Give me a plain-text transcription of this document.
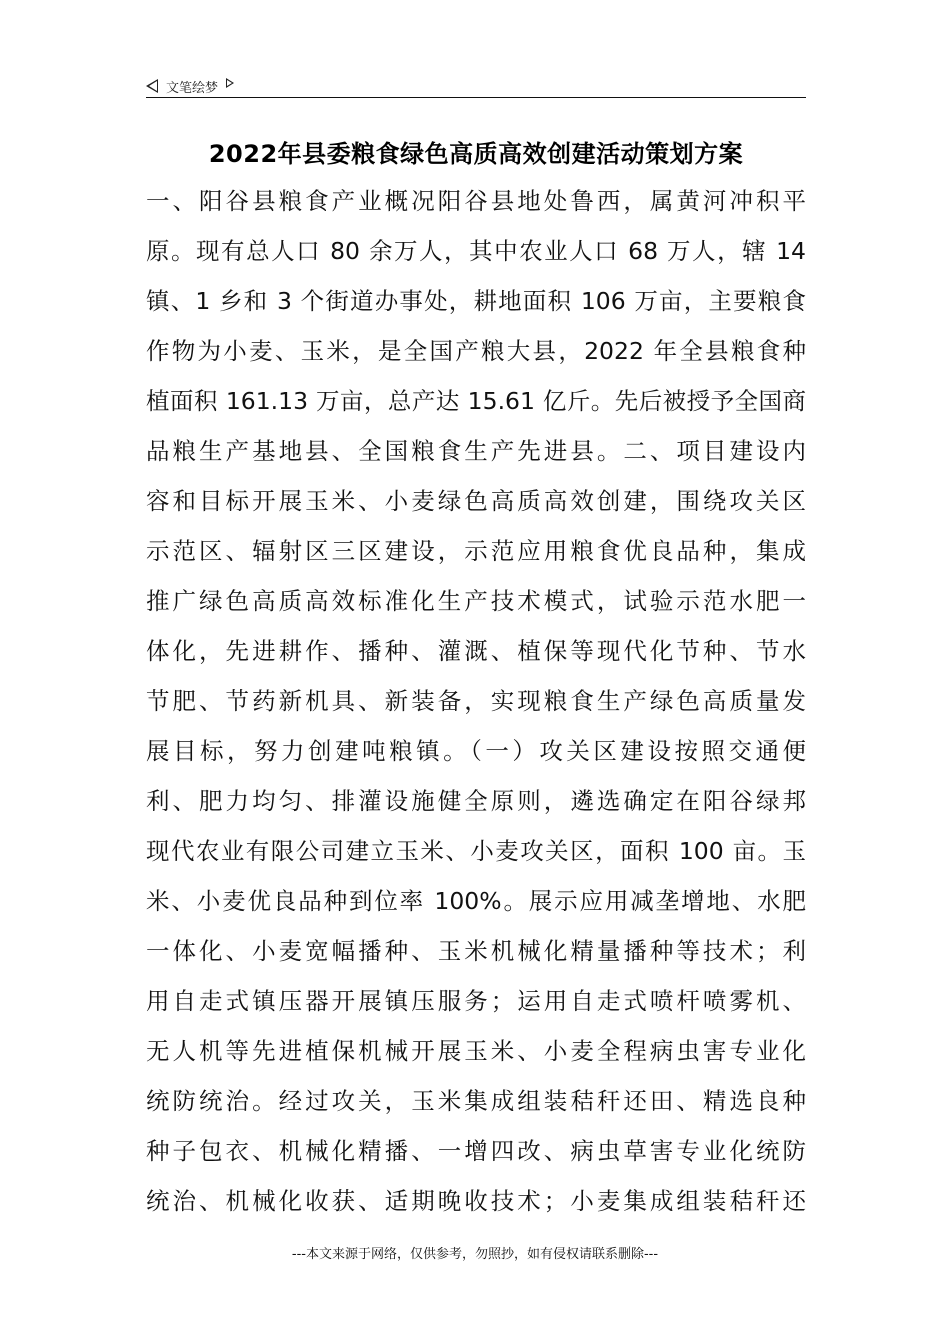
文笔绘梦
2022年县委粮食绿色高质高效创建活动策划方案
一、阳谷县粮食产业概况阳谷县地处鲁西，属黄河冲积平
原。现有总人口 80 余万人，其中农业人口 68 万人，辖 14
镇、1 乡和 3 个街道办事处，耕地面积 106 万亩，主要粮食
作物为小麦、玉米，是全国产粮大县，2022 年全县粮食种
植面积 161.13 万亩，总产达 15.61 亿斤。先后被授予全国商
品粮生产基地县、全国粮食生产先进县。二、项目建设内
容和目标开展玉米、小麦绿色高质高效创建，围绕攻关区
示范区、辐射区三区建设，示范应用粮食优良品种，集成
推广绿色高质高效标准化生产技术模式，试验示范水肥一
体化，先进耕作、播种、灌溉、植保等现代化节种、节水
节肥、节药新机具、新装备，实现粮食生产绿色高质量发
展目标，努力创建吨粮镇。（一）攻关区建设按照交通便
利、肥力均匀、排灌设施健全原则，遴选确定在阳谷绿邦
现代农业有限公司建立玉米、小麦攻关区，面积 100 亩。玉
米、小麦优良品种到位率 100%。展示应用减垄增地、水肥
一体化、小麦宽幅播种、玉米机械化精量播种等技术；利
用自走式镇压器开展镇压服务；运用自走式喷杆喷雾机、
无人机等先进植保机械开展玉米、小麦全程病虫害专业化
统防统治。经过攻关，玉米集成组装秸秆还田、精选良种
种子包衣、机械化精播、一增四改、病虫草害专业化统防
统治、机械化收获、适期晚收技术；小麦集成组装秸秆还
---本文来源于网络，仅供参考，勿照抄，如有侵权请联系删除---
